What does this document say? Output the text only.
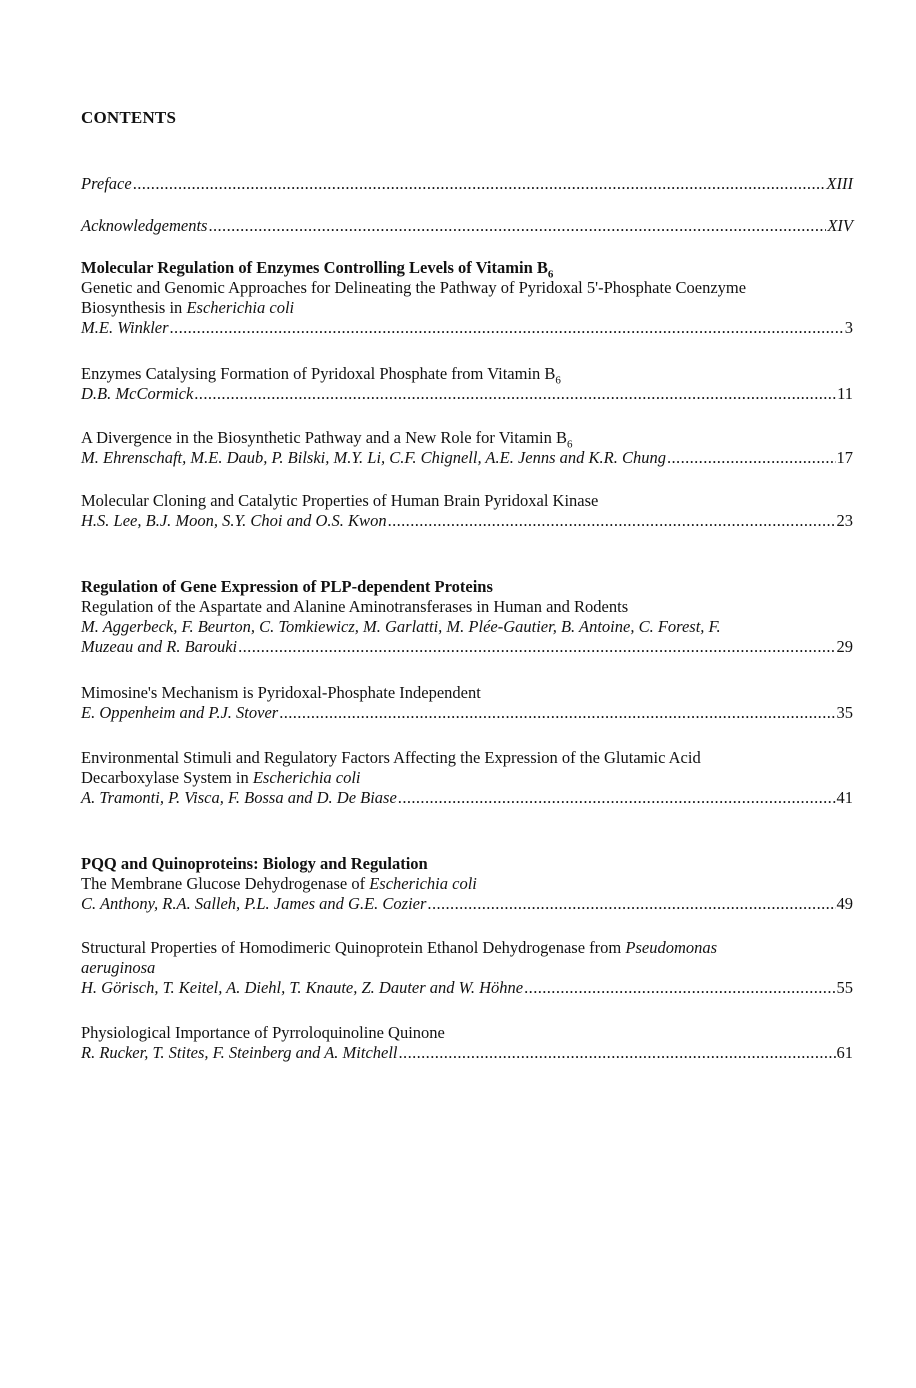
CONTENTS
Preface .....	XIII
Acknowledgements .....	XIV
Molecular Regulation of Enzymes Controlling Levels of Vitamin $B_6$
Genetic and Genomic Approaches for Delineating the Pathway of Pyridoxal 5'-Phosphate Coenzyme
Biosynthesis in Escherichia coli
M.E. Winkler .....	3
Enzymes Catalysing Formation of Pyridoxal Phosphate from Vitamin $B_6$
D.B. McCormick .....	11
A Divergence in the Biosynthetic Pathway and a New Role for Vitamin $B_6$
M. Ehrenschaft, M.E. Daub, P. Bilski, M.Y. Li, C.F. Chignell, A.E. Jenns and K.R. Chung .....	17
Molecular Cloning and Catalytic Properties of Human Brain Pyridoxal Kinase
H.S. Lee, B.J. Moon, S.Y. Choi and O.S. Kwon .....	23
Regulation of Gene Expression of PLP-dependent Proteins
Regulation of the Aspartate and Alanine Aminotransferases in Human and Rodents
M. Aggerbeck, F. Beurton, C. Tomkiewicz, M. Garlatti, M. Plée-Gautier, B. Antoine, C. Forest, F.
Muzeau and R. Barouki .....	29
Mimosine's Mechanism is Pyridoxal-Phosphate Independent
E. Oppenheim and P.J. Stover .....	35
Environmental Stimuli and Regulatory Factors Affecting the Expression of the Glutamic Acid
Decarboxylase System in Escherichia coli
A. Tramonti, P. Visca, F. Bossa and D. De Biase .....	41
PQQ and Quinoproteins: Biology and Regulation
The Membrane Glucose Dehydrogenase of Escherichia coli
C. Anthony, R.A. Salleh, P.L. James and G.E. Cozier .....	49
Structural Properties of Homodimeric Quinoprotein Ethanol Dehydrogenase from Pseudomonas
aeruginosa
H. Görisch, T. Keitel, A. Diehl, T. Knaute, Z. Dauter and W. Höhne .....	55
Physiological Importance of Pyrroloquinoline Quinone
R. Rucker, T. Stites, F. Steinberg and A. Mitchell .....	61
